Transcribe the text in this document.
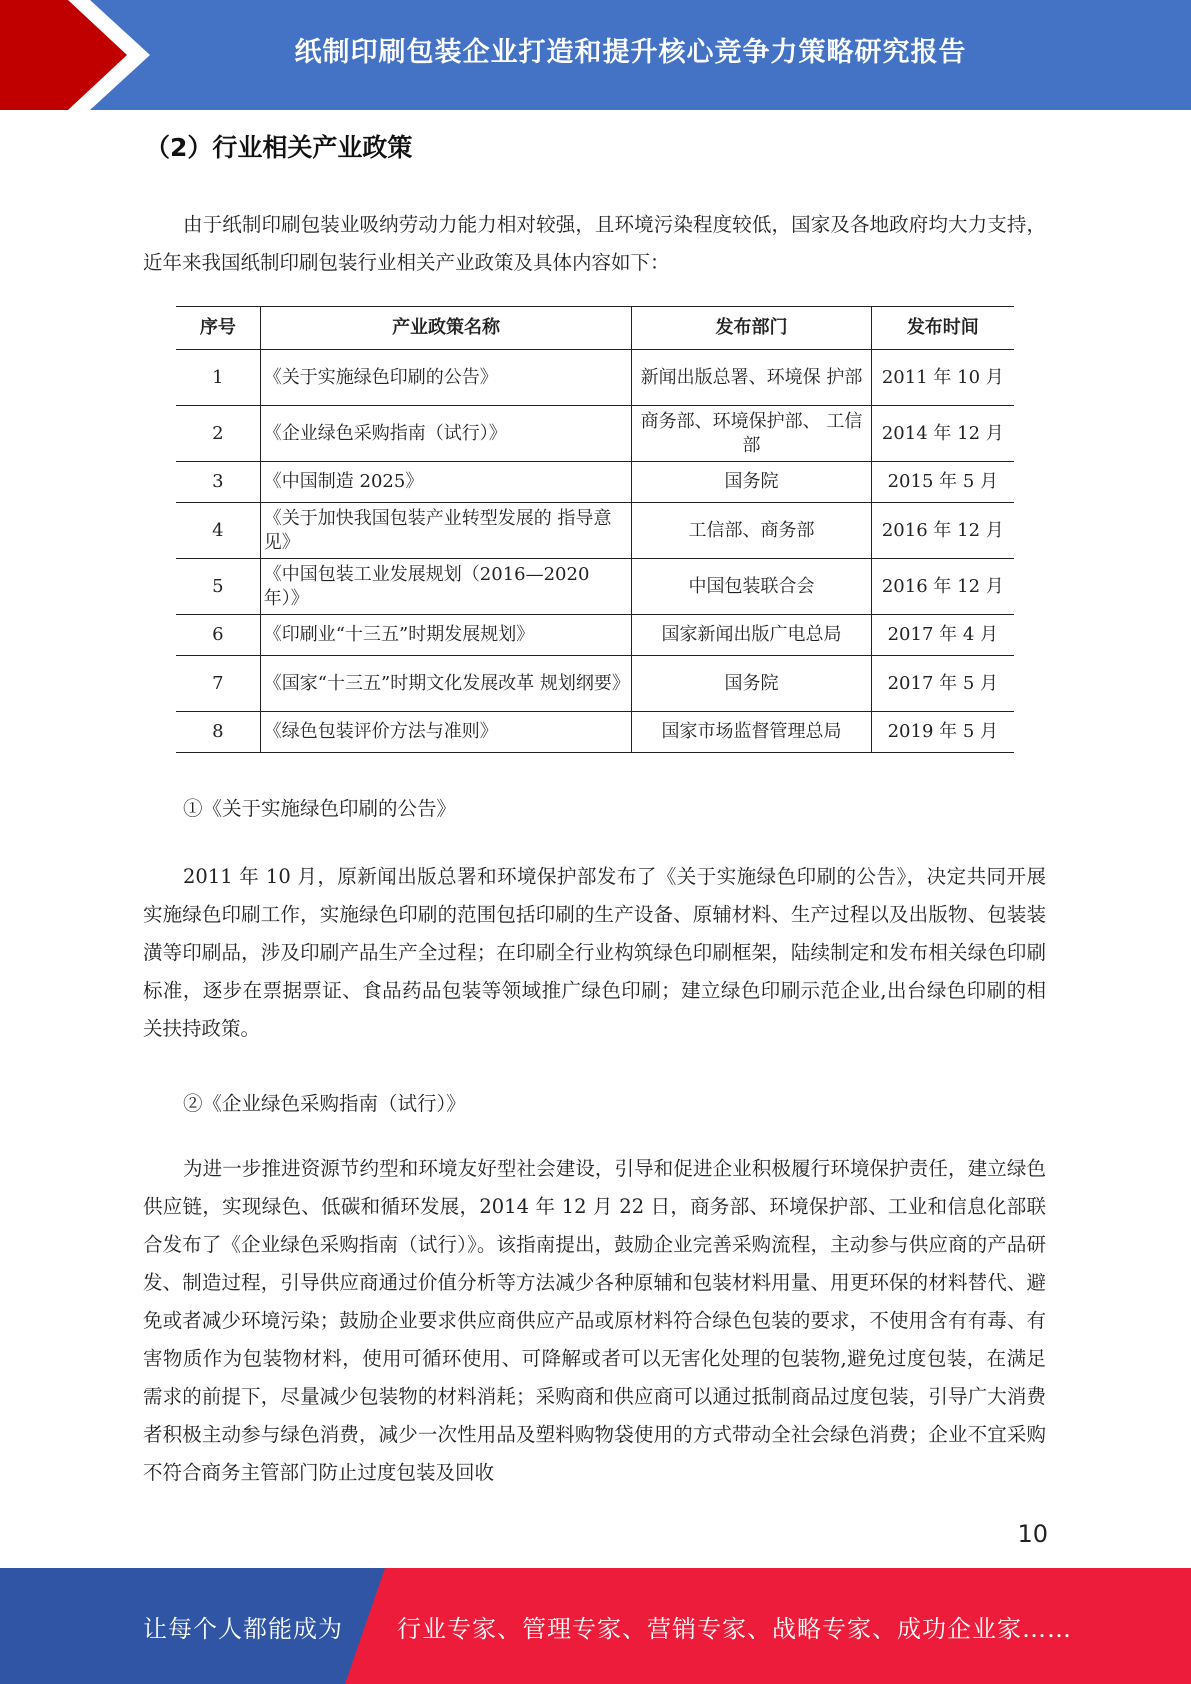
纸制印刷包装企业打造和提升核心竞争力策略研究报告
（2）行业相关产业政策

由于纸制印刷包装业吸纳劳动力能力相对较强，且环境污染程度较低，国家及各地政府均大力支持，近年来我国纸制印刷包装行业相关产业政策及具体内容如下：

序号	产业政策名称	发布部门	发布时间
1	《关于实施绿色印刷的公告》	新闻出版总署、环境保 护部	2011 年 10 月

2	《企业绿色采购指南（试行）》	商务部、环境保护部、 工信部	2014 年 12 月

3	《中国制造 2025》	国务院	2015 年 5 月
4	《关于加快我国包装产业转型发展的 指导意见》	工信部、商务部	2016 年 12 月

5	《中国包装工业发展规划（2016—2020 年）》	中国包装联合会	2016 年 12 月

6	《印刷业“十三五”时期发展规划》	国家新闻出版广电总局	2017 年 4 月
7	《国家“十三五”时期文化发展改革 规划纲要》	国务院	2017 年 5 月
8	《绿色包装评价方法与准则》	国家市场监督管理总局	2019 年 5 月
①《关于实施绿色印刷的公告》

2011 年 10 月，原新闻出版总署和环境保护部发布了《关于实施绿色印刷的公告》，决定共同开展实施绿色印刷工作，实施绿色印刷的范围包括印刷的生产设备、原辅材料、生产过程以及出版物、包装装潢等印刷品，涉及印刷产品生产全过程；在印刷全行业构筑绿色印刷框架，陆续制定和发布相关绿色印刷标准，逐步在票据票证、食品药品包装等领域推广绿色印刷；建立绿色印刷示范企业,出台绿色印刷的相关扶持政策。

②《企业绿色采购指南（试行）》

为进一步推进资源节约型和环境友好型社会建设，引导和促进企业积极履行环境保护责任，建立绿色供应链，实现绿色、低碳和循环发展，2014 年 12 月 22 日，商务部、环境保护部、工业和信息化部联合发布了《企业绿色采购指南（试行）》。该指南提出，鼓励企业完善采购流程，主动参与供应商的产品研发、制造过程，引导供应商通过价值分析等方法减少各种原辅和包装材料用量、用更环保的材料替代、避免或者减少环境污染；鼓励企业要求供应商供应产品或原材料符合绿色包装的要求，不使用含有有毒、有害物质作为包装物材料，使用可循环使用、可降解或者可以无害化处理的包装物,避免过度包装，在满足需求的前提下，尽量减少包装物的材料消耗；采购商和供应商可以通过抵制商品过度包装，引导广大消费者积极主动参与绿色消费，减少一次性用品及塑料购物袋使用的方式带动全社会绿色消费；企业不宜采购不符合商务主管部门防止过度包装及回收

10
让每个人都能成为 行业专家、管理专家、营销专家、战略专家、成功企业家……
